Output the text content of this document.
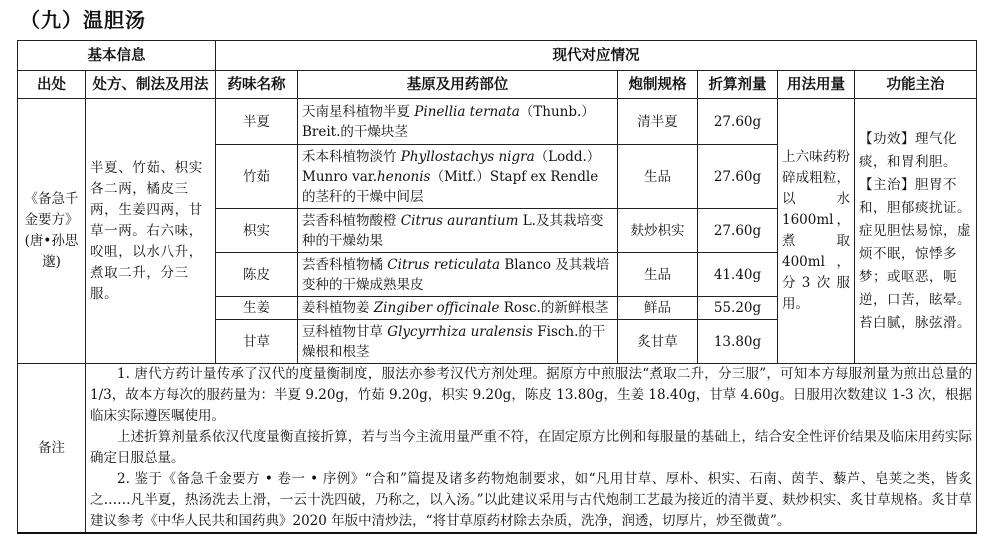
（九）温胆汤
基本信息		现代对应情况					
出处	处方、制法及用法	药味名称	基原及用药部位	炮制规格	折算剂量	用法用量	功能主治
《备急千金要方》(唐•孙思邈)	半夏、竹茹、枳实各二两，橘皮三两，生姜四两，甘草一两。右六味，㕮咀，以水八升，煮取二升，分三服。	半夏	天南星科植物半夏 Pinellia ternata（Thunb.）Breit.的干燥块茎	清半夏	27.60g	上六味药粉碎成粗粒，以水1600ml，煮取400ml，分3次服用。	【功效】理气化痰，和胃利胆。
【主治】胆胃不和，胆郁痰扰证。症见胆怯易惊，虚烦不眠，惊悸多梦；或呕恶，呃逆，口苦，眩晕。苔白腻，脉弦滑。
		竹茹	禾本科植物淡竹 Phyllostachys nigra（Lodd.）Munro var.henonis（Mitf.）Stapf ex Rendle 的茎秆的干燥中间层	生品	27.60g		
		枳实	芸香科植物酸橙 Citrus aurantium L.及其栽培变种的干燥幼果	麸炒枳实	27.60g		
		陈皮	芸香科植物橘 Citrus reticulata Blanco 及其栽培变种的干燥成熟果皮	生品	41.40g		
		生姜	姜科植物姜 Zingiber officinale Rosc.的新鲜根茎	鲜品	55.20g		
		甘草	豆科植物甘草 Glycyrrhiza uralensis Fisch.的干燥根和根茎	炙甘草	13.80g		
备注	1. 唐代方药计量传承了汉代的度量衡制度，服法亦参考汉代方剂处理。据原方中煎服法“煮取二升，分三服”，可知本方每服剂量为煎出总量的 1/3，故本方每次的服药量为：半夏 9.20g，竹茹 9.20g，枳实 9.20g，陈皮 13.80g，生姜 18.40g，甘草 4.60g。日服用次数建议 1-3 次，根据临床实际遵医嘱使用。

上述折算剂量系依汉代度量衡直接折算，若与当今主流用量严重不符，在固定原方比例和每服量的基础上，结合安全性评价结果及临床用药实际确定日服总量。

2. 鉴于《备急千金要方 • 卷一 • 序例》“合和”篇提及诸多药物炮制要求，如“凡用甘草、厚朴、枳实、石南、茵芋、藜芦、皂荚之类，皆炙之……凡半夏，热汤洗去上滑，一云十洗四破，乃称之，以入汤。”以此建议采用与古代炮制工艺最为接近的清半夏、麸炒枳实、炙甘草规格。炙甘草建议参考《中华人民共和国药典》2020 年版中清炒法，“将甘草原药材除去杂质，洗净，润透，切厚片，炒至微黄”。						
